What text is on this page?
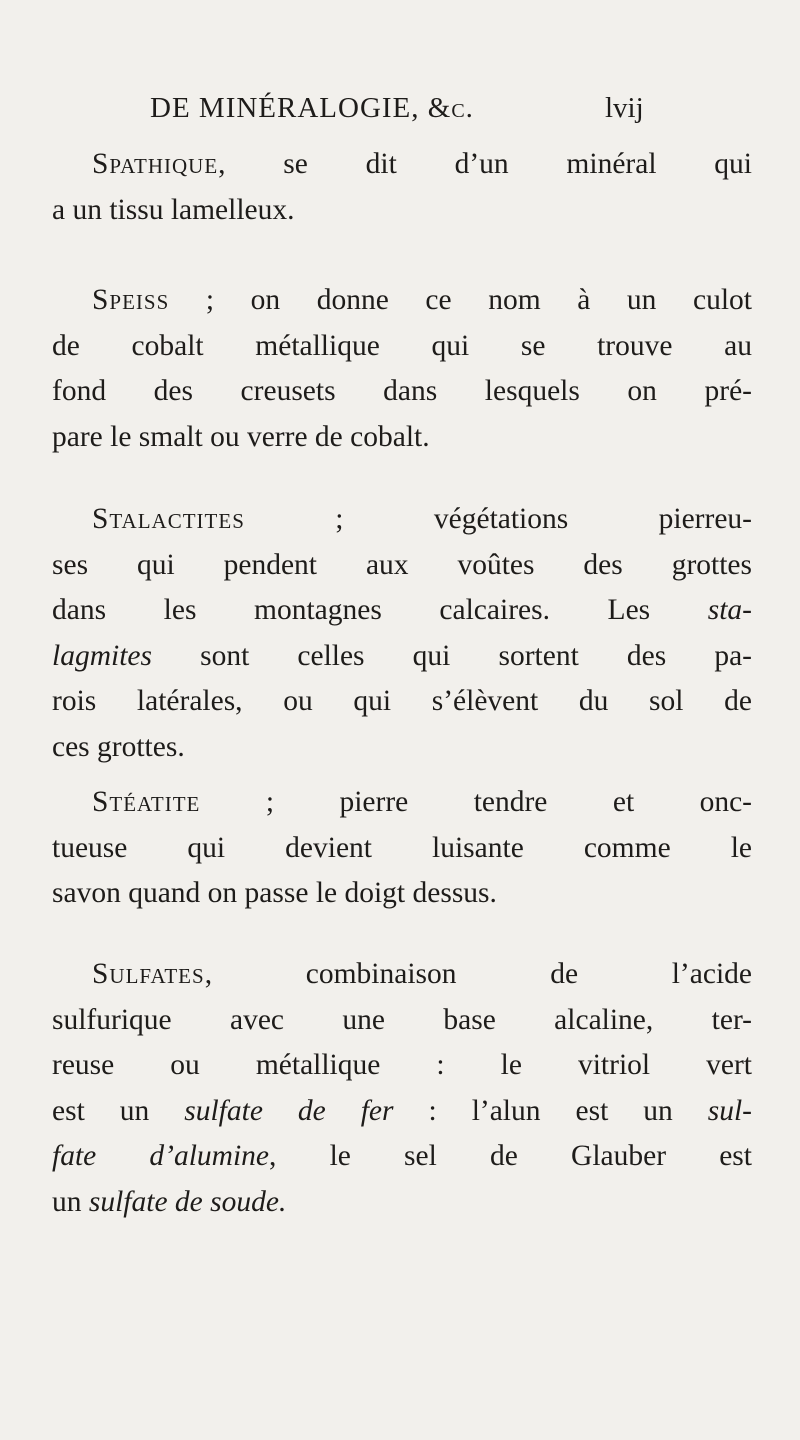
DE MINÉRALOGIE, &c.	lvij
Spathique, se dit d’un minéral qui
a un tissu lamelleux.
Speiss ; on donne ce nom à un culot
de cobalt métallique qui se trouve au
fond des creusets dans lesquels on pré-
pare le smalt ou verre de cobalt.
Stalactites ; végétations pierreu-
ses qui pendent aux voûtes des grottes
dans les montagnes calcaires. Les sta-
lagmites sont celles qui sortent des pa-
rois latérales, ou qui s’élèvent du sol de
ces grottes.
Stéatite ; pierre tendre et onc-
tueuse qui devient luisante comme le
savon quand on passe le doigt dessus.
Sulfates, combinaison de l’acide
sulfurique avec une base alcaline, ter-
reuse ou métallique : le vitriol vert
est un sulfate de fer : l’alun est un sul-
fate d’alumine, le sel de Glauber est
un sulfate de soude.
